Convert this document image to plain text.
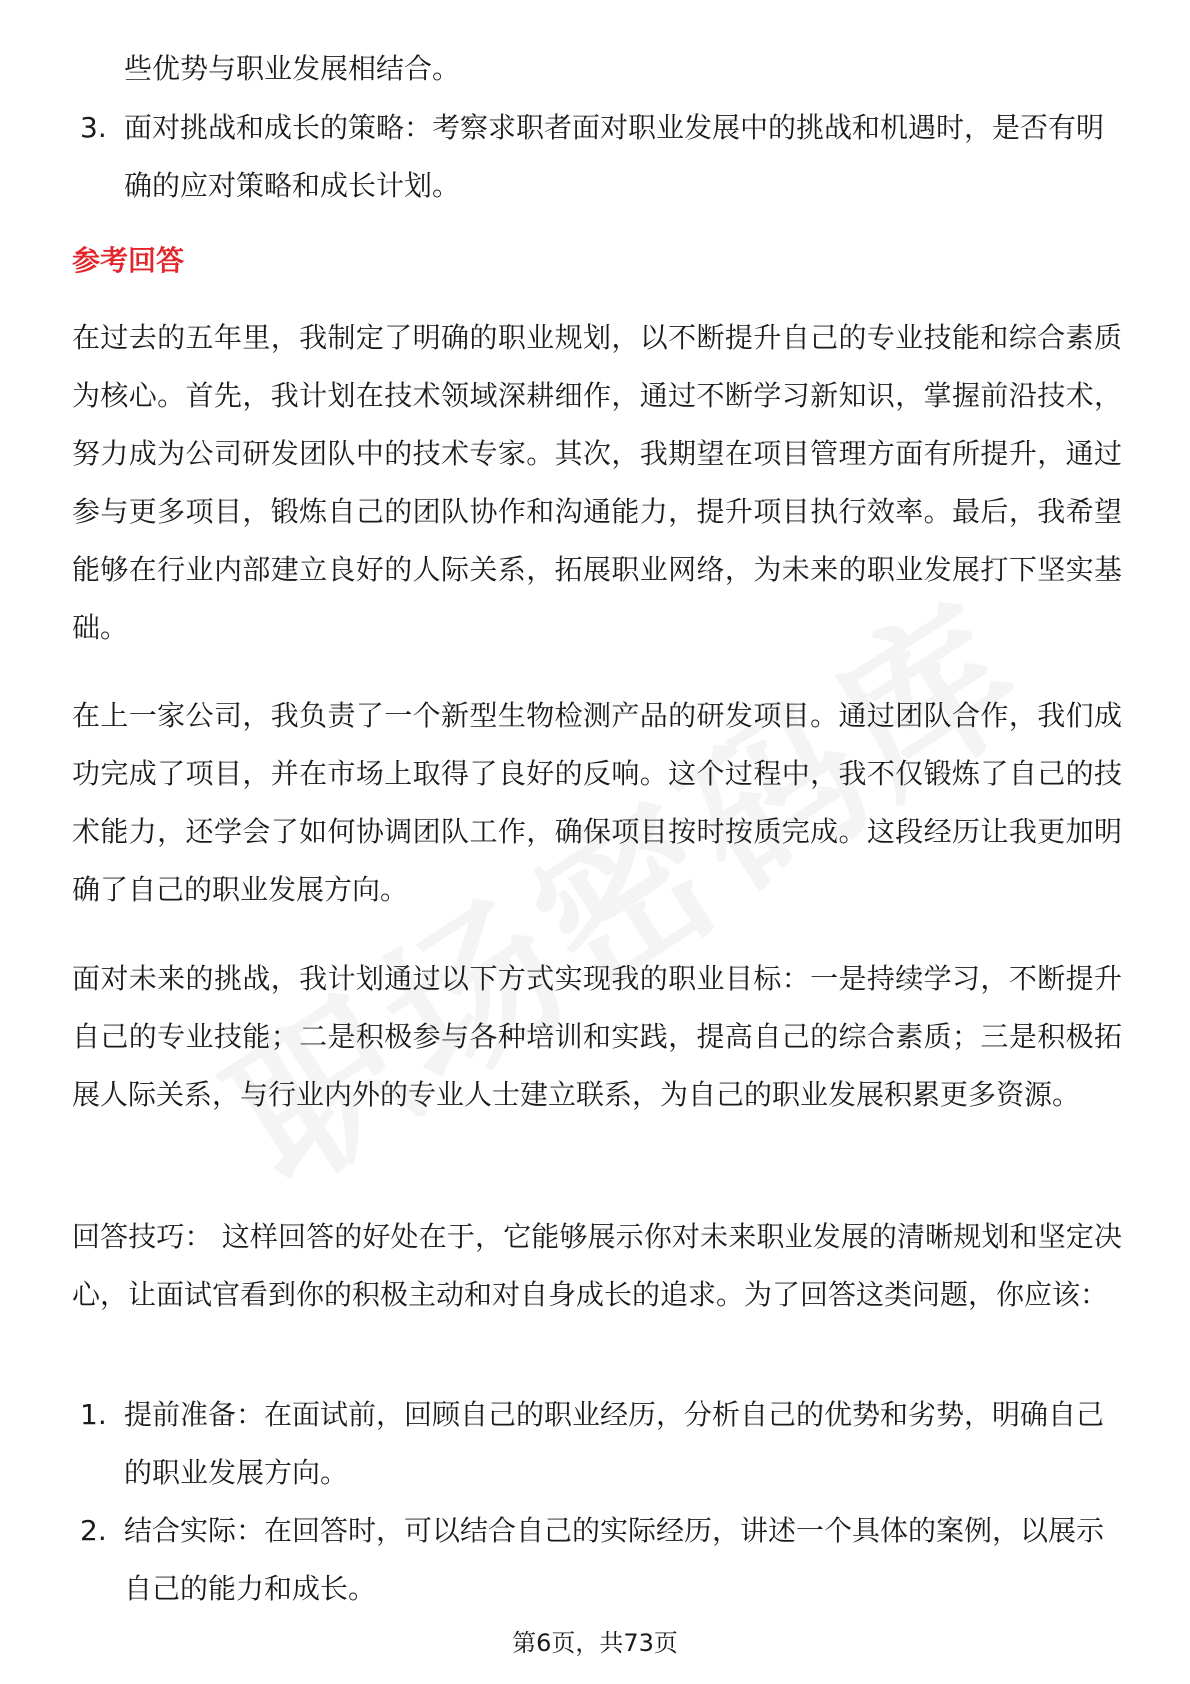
些优势与职业发展相结合。
3. 面对挑战和成长的策略：考察求职者面对职业发展中的挑战和机遇时，是否有明确的应对策略和成长计划。
参考回答

在过去的五年里，我制定了明确的职业规划，以不断提升自己的专业技能和综合素质为核心。首先，我计划在技术领域深耕细作，通过不断学习新知识，掌握前沿技术，努力成为公司研发团队中的技术专家。其次，我期望在项目管理方面有所提升，通过参与更多项目，锻炼自己的团队协作和沟通能力，提升项目执行效率。最后，我希望能够在行业内部建立良好的人际关系，拓展职业网络，为未来的职业发展打下坚实基础。

在上一家公司，我负责了一个新型生物检测产品的研发项目。通过团队合作，我们成功完成了项目，并在市场上取得了良好的反响。这个过程中，我不仅锻炼了自己的技术能力，还学会了如何协调团队工作，确保项目按时按质完成。这段经历让我更加明确了自己的职业发展方向。

面对未来的挑战，我计划通过以下方式实现我的职业目标：一是持续学习，不断提升自己的专业技能；二是积极参与各种培训和实践，提高自己的综合素质；三是积极拓展人际关系，与行业内外的专业人士建立联系，为自己的职业发展积累更多资源。

回答技巧： 这样回答的好处在于，它能够展示你对未来职业发展的清晰规划和坚定决心，让面试官看到你的积极主动和对自身成长的追求。为了回答这类问题，你应该：

1. 提前准备：在面试前，回顾自己的职业经历，分析自己的优势和劣势，明确自己的职业发展方向。
2. 结合实际：在回答时，可以结合自己的实际经历，讲述一个具体的案例，以展示自己的能力和成长。
第6页，共73页
